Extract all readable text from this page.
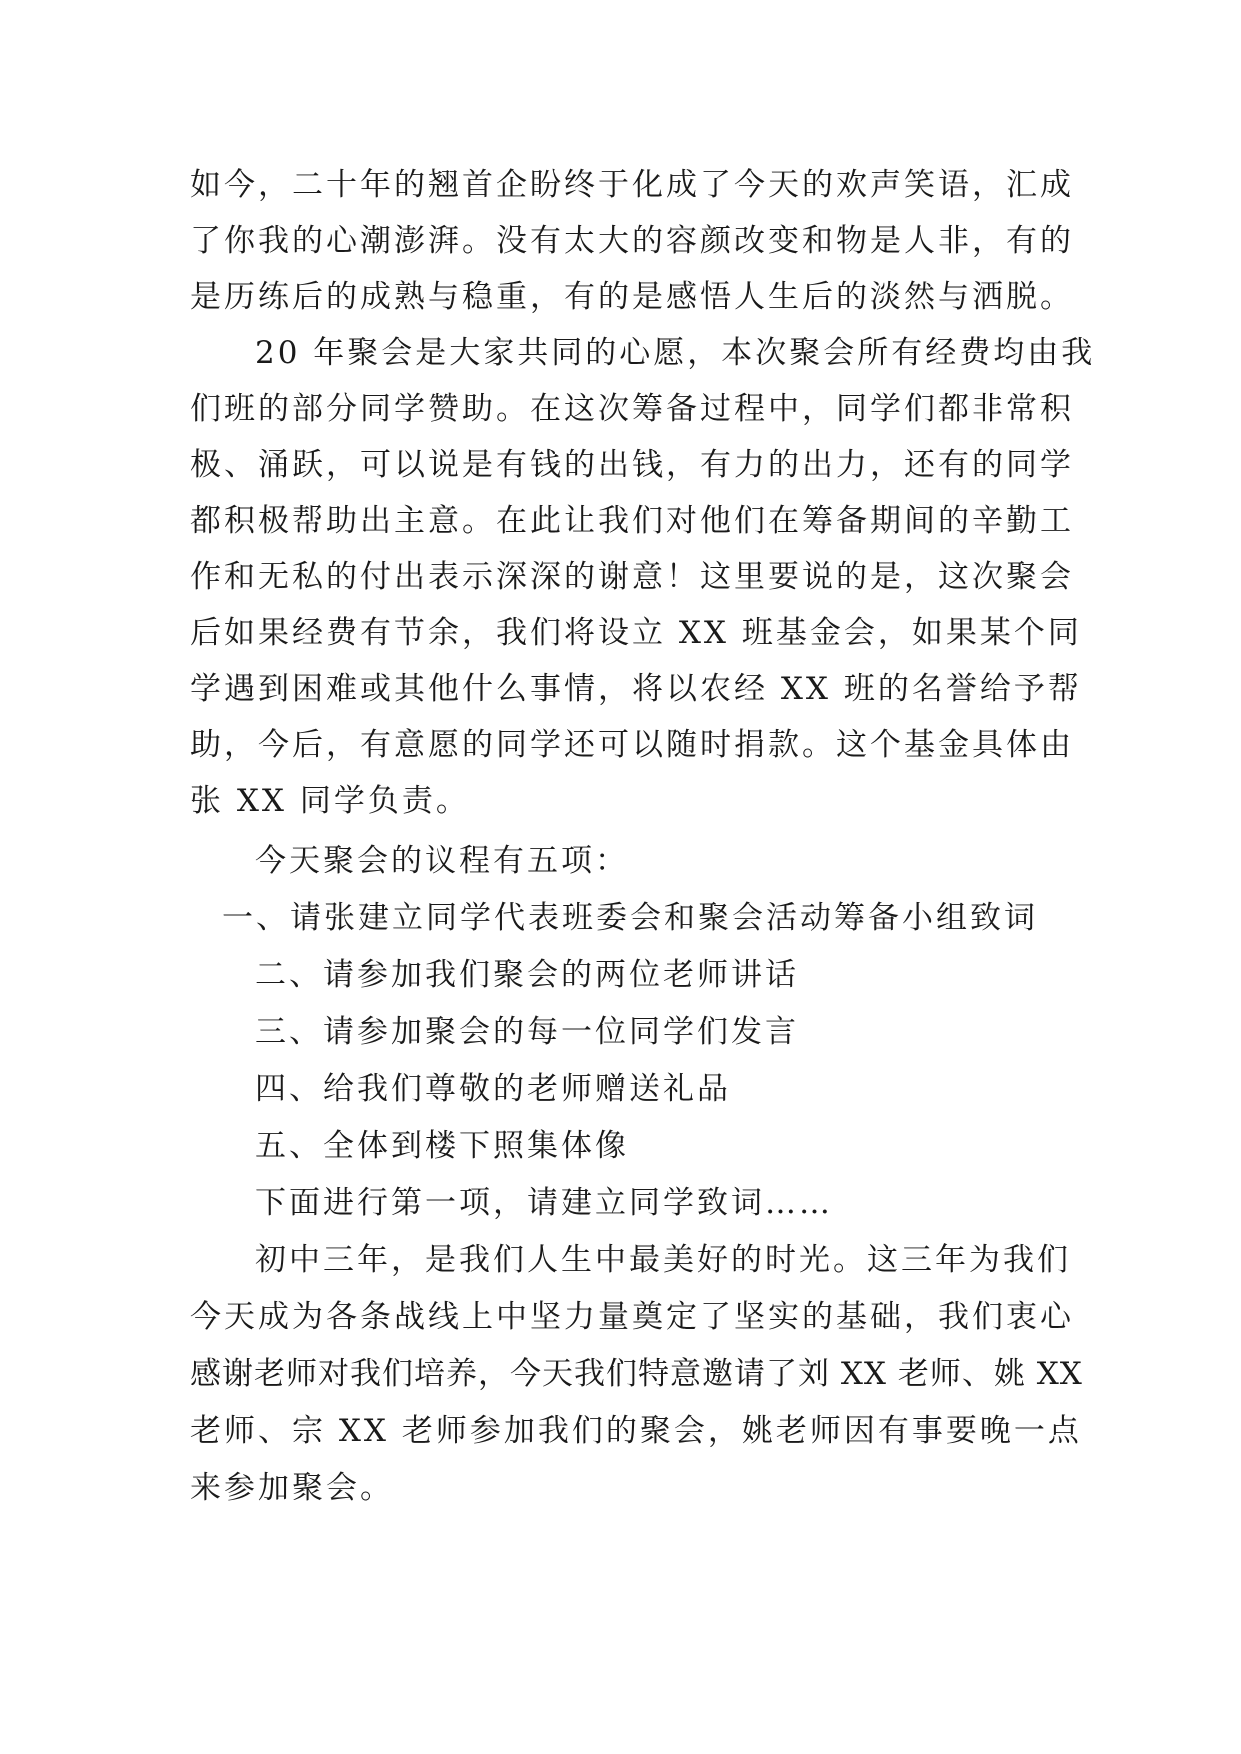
如今，二十年的翘首企盼终于化成了今天的欢声笑语，汇成
了你我的心潮澎湃。没有太大的容颜改变和物是人非，有的
是历练后的成熟与稳重，有的是感悟人生后的淡然与洒脱。
20 年聚会是大家共同的心愿，本次聚会所有经费均由我
们班的部分同学赞助。在这次筹备过程中，同学们都非常积
极、涌跃，可以说是有钱的出钱，有力的出力，还有的同学
都积极帮助出主意。在此让我们对他们在筹备期间的辛勤工
作和无私的付出表示深深的谢意！这里要说的是，这次聚会
后如果经费有节余，我们将设立 XX 班基金会，如果某个同
学遇到困难或其他什么事情，将以农经 XX 班的名誉给予帮
助，今后，有意愿的同学还可以随时捐款。这个基金具体由
张 XX 同学负责。
今天聚会的议程有五项：
一、请张建立同学代表班委会和聚会活动筹备小组致词
二、请参加我们聚会的两位老师讲话
三、请参加聚会的每一位同学们发言
四、给我们尊敬的老师赠送礼品
五、全体到楼下照集体像
下面进行第一项，请建立同学致词……
初中三年，是我们人生中最美好的时光。这三年为我们
今天成为各条战线上中坚力量奠定了坚实的基础，我们衷心
感谢老师对我们培养，今天我们特意邀请了刘 XX 老师、姚 XX
老师、宗 XX 老师参加我们的聚会，姚老师因有事要晚一点
来参加聚会。
